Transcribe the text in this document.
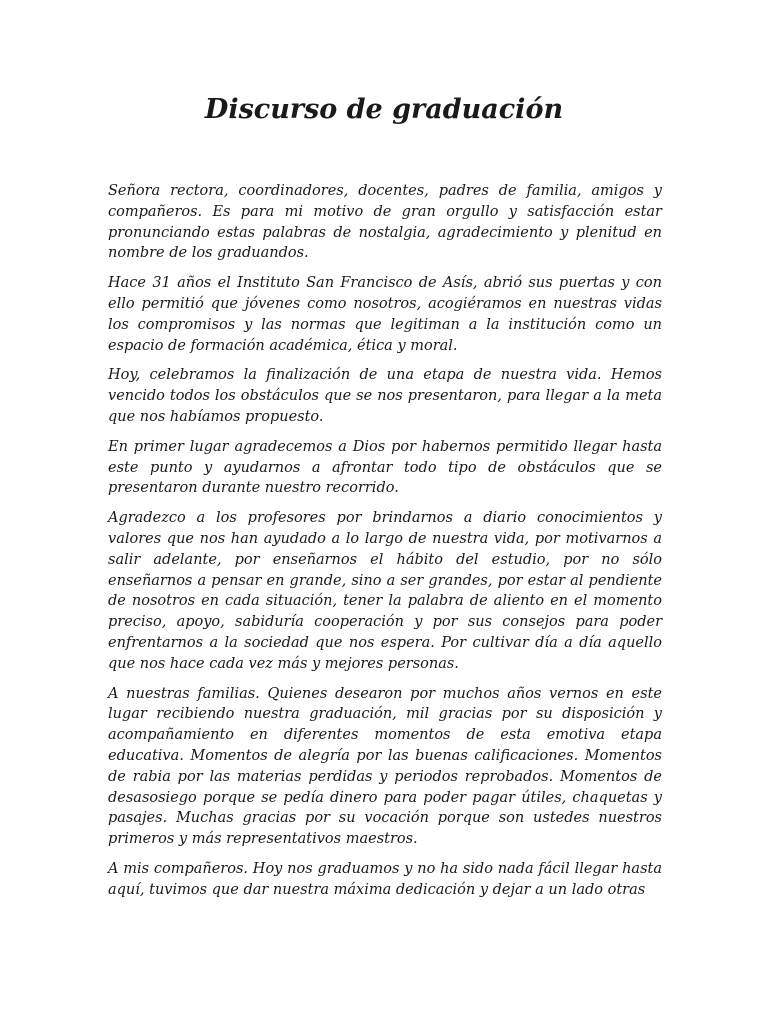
Discurso de graduación

Señora rectora, coordinadores, docentes, padres de familia, amigos y compañeros. Es para mi motivo de gran orgullo y satisfacción estar pronunciando estas palabras de nostalgia, agradecimiento y plenitud en nombre de los graduandos.

Hace 31 años el Instituto San Francisco de Asís, abrió sus puertas y con ello permitió que jóvenes como nosotros, acogiéramos en nuestras vidas los compromisos y las normas que legitiman a la institución como un espacio de formación académica, ética y moral.

Hoy, celebramos la finalización de una etapa de nuestra vida. Hemos vencido todos los obstáculos que se nos presentaron, para llegar a la meta que nos habíamos propuesto.

En primer lugar agradecemos a Dios por habernos permitido llegar hasta este punto y ayudarnos a afrontar todo tipo de obstáculos que se presentaron durante nuestro recorrido.

Agradezco a los profesores por brindarnos a diario conocimientos y valores que nos han ayudado a lo largo de nuestra vida, por motivarnos a salir adelante, por enseñarnos el hábito del estudio, por no sólo enseñarnos a pensar en grande, sino a ser grandes, por estar al pendiente de nosotros en cada situación, tener la palabra de aliento en el momento preciso, apoyo, sabiduría cooperación y por sus consejos para poder enfrentarnos a la sociedad que nos espera. Por cultivar día a día aquello que nos hace cada vez más y mejores personas.

A nuestras familias. Quienes desearon por muchos años vernos en este lugar recibiendo nuestra graduación, mil gracias por su disposición y acompañamiento en diferentes momentos de esta emotiva etapa educativa. Momentos de alegría por las buenas calificaciones. Momentos de rabia por las materias perdidas y periodos reprobados. Momentos de desasosiego porque se pedía dinero para poder pagar útiles, chaquetas y pasajes. Muchas gracias por su vocación porque son ustedes nuestros primeros y más representativos maestros.

A mis compañeros. Hoy nos graduamos y no ha sido nada fácil llegar hasta aquí, tuvimos que dar nuestra máxima dedicación y dejar a un lado otras
